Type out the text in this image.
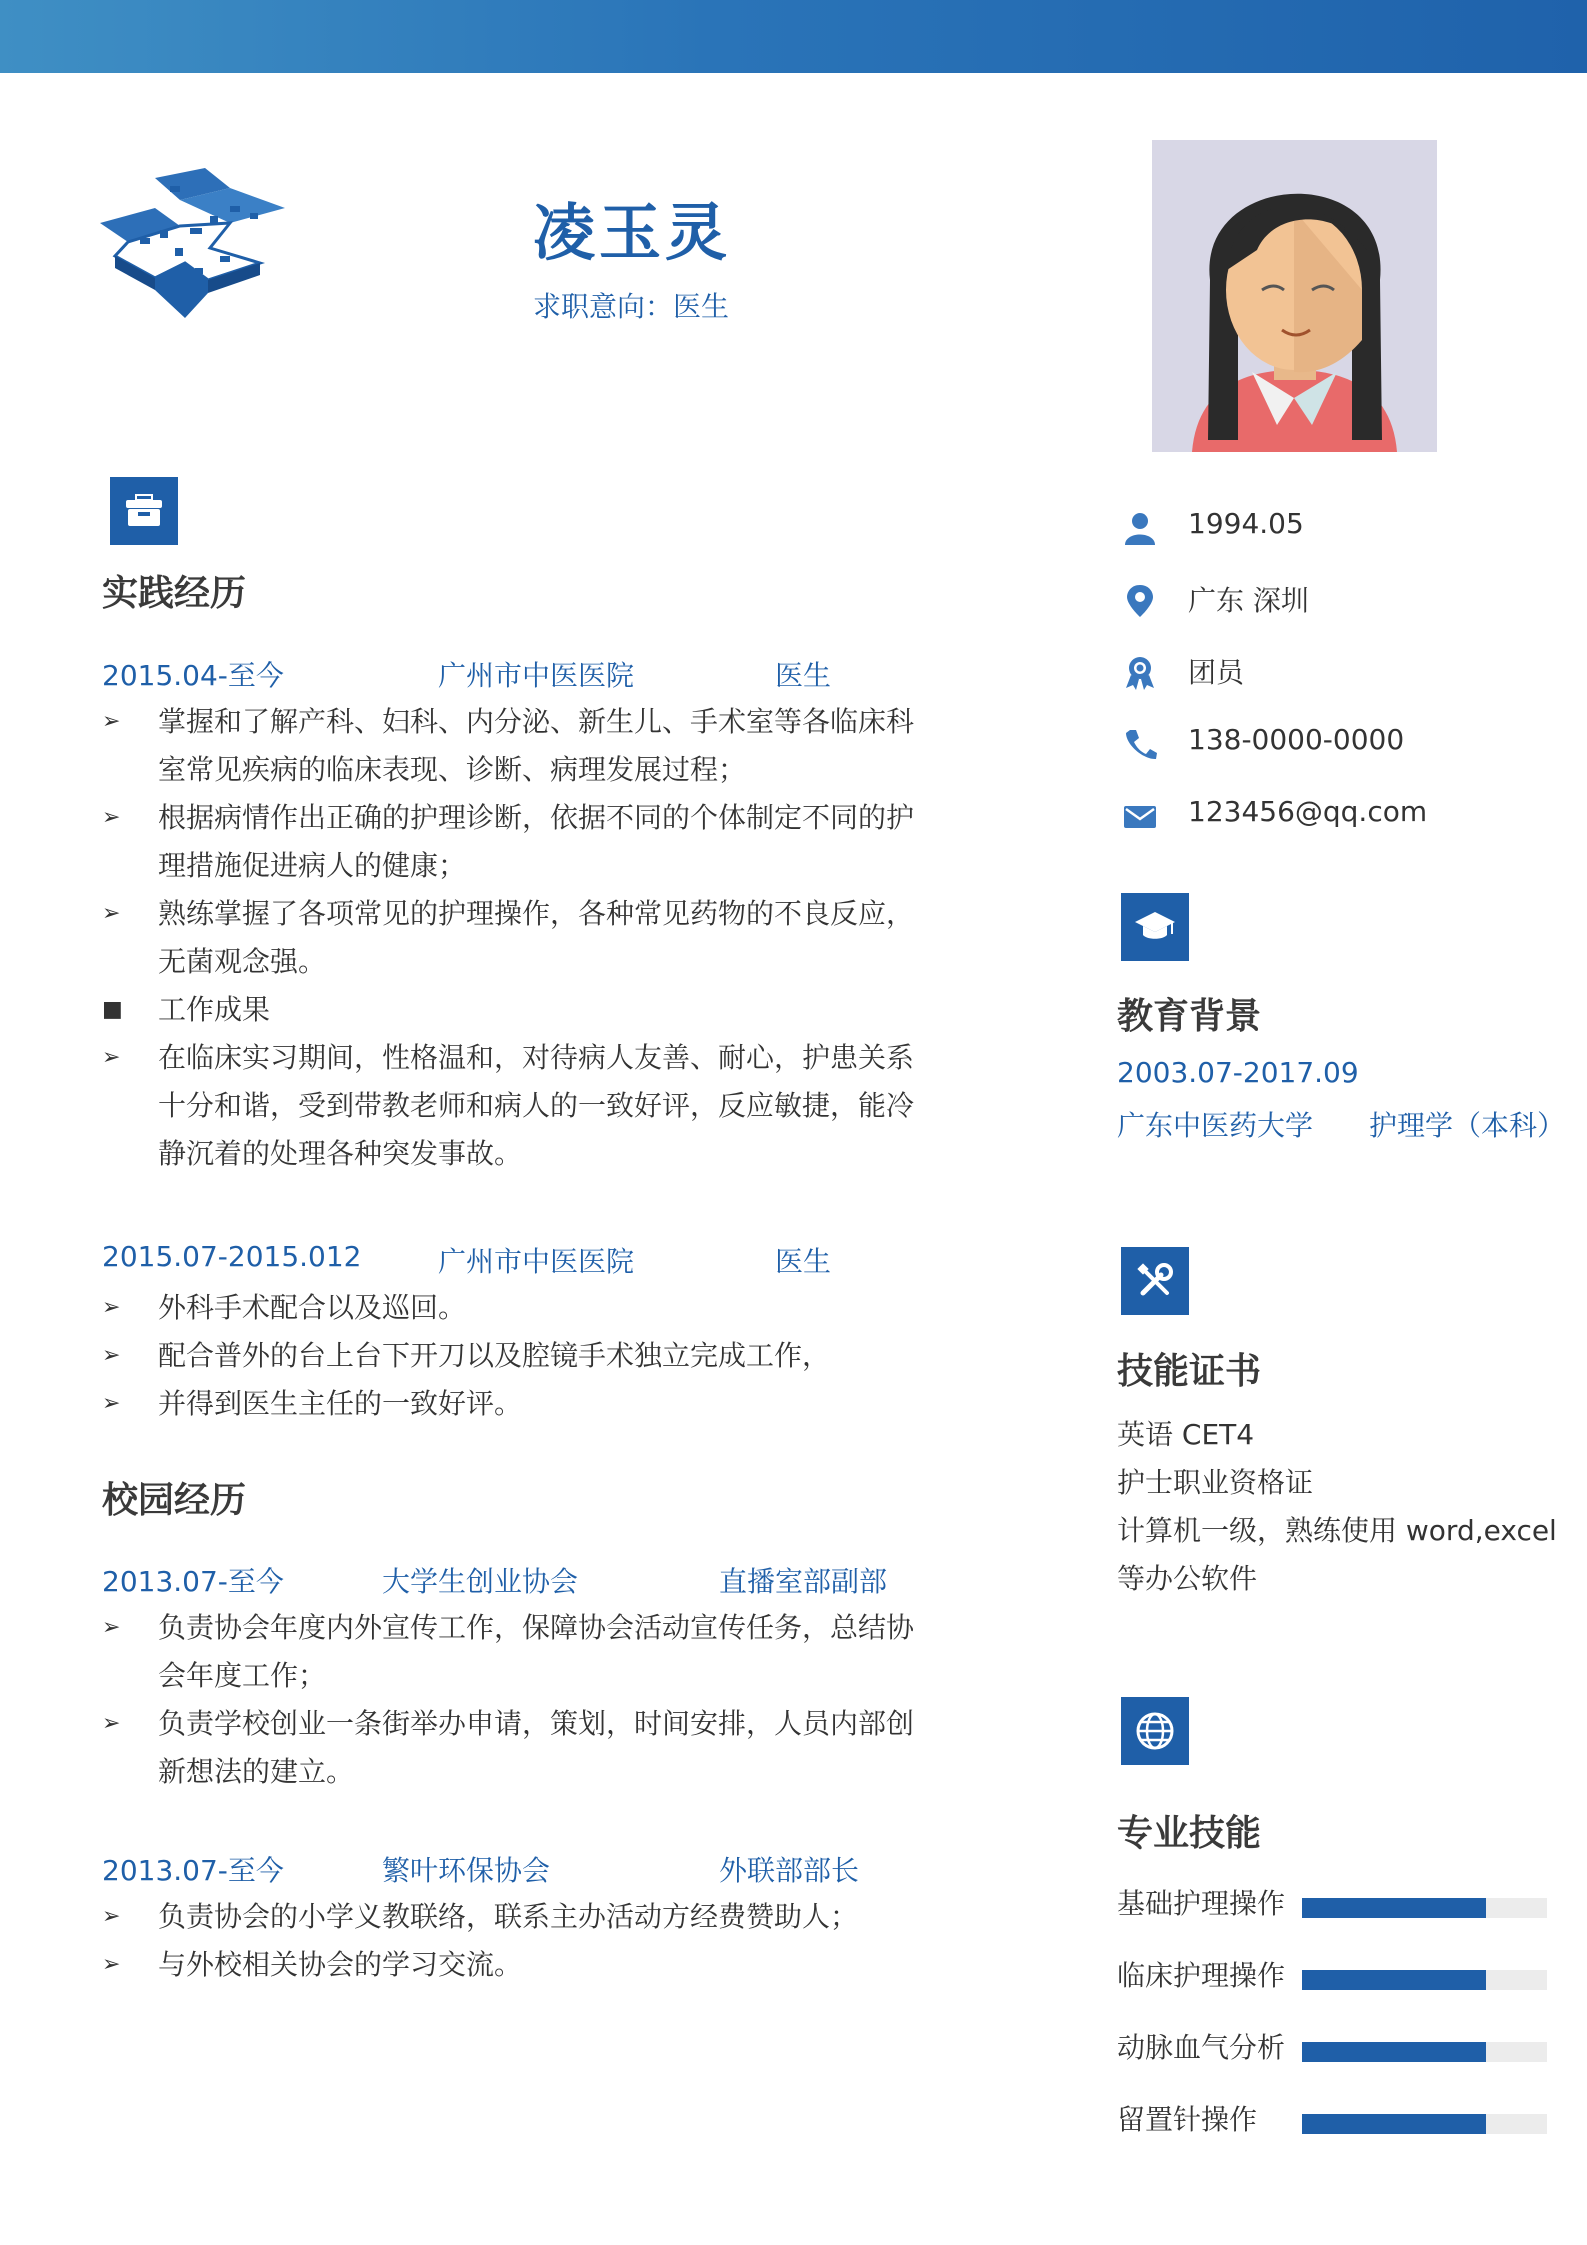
凌玉灵
求职意向：医生
实践经历
2015.04-至今	广州市中医医院	医生
➢	掌握和了解产科、妇科、内分泌、新生儿、手术室等各临床科室常见疾病的临床表现、诊断、病理发展过程；
➢	根据病情作出正确的护理诊断，依据不同的个体制定不同的护理措施促进病人的健康；
➢	熟练掌握了各项常见的护理操作，各种常见药物的不良反应，无菌观念强。
■	工作成果
➢	在临床实习期间，性格温和，对待病人友善、耐心，护患关系十分和谐，受到带教老师和病人的一致好评，反应敏捷，能冷静沉着的处理各种突发事故。
2015.07-2015.012	广州市中医医院	医生
➢	外科手术配合以及巡回。
➢	配合普外的台上台下开刀以及腔镜手术独立完成工作，
➢	并得到医生主任的一致好评。
校园经历
2013.07-至今	大学生创业协会	直播室部副部
➢	负责协会年度内外宣传工作，保障协会活动宣传任务，总结协会年度工作；
➢	负责学校创业一条街举办申请，策划，时间安排，人员内部创新想法的建立。
2013.07-至今	繁叶环保协会	外联部部长
➢	负责协会的小学义教联络，联系主办活动方经费赞助人；
➢	与外校相关协会的学习交流。
1994.05
广东 深圳
团员
138-0000-0000
123456@qq.com
教育背景
2003.07-2017.09
广东中医药大学 护理学（本科）
技能证书
英语 CET4
护士职业资格证
计算机一级，熟练使用 word,excel等办公软件
专业技能
基础护理操作
临床护理操作
动脉血气分析
留置针操作
